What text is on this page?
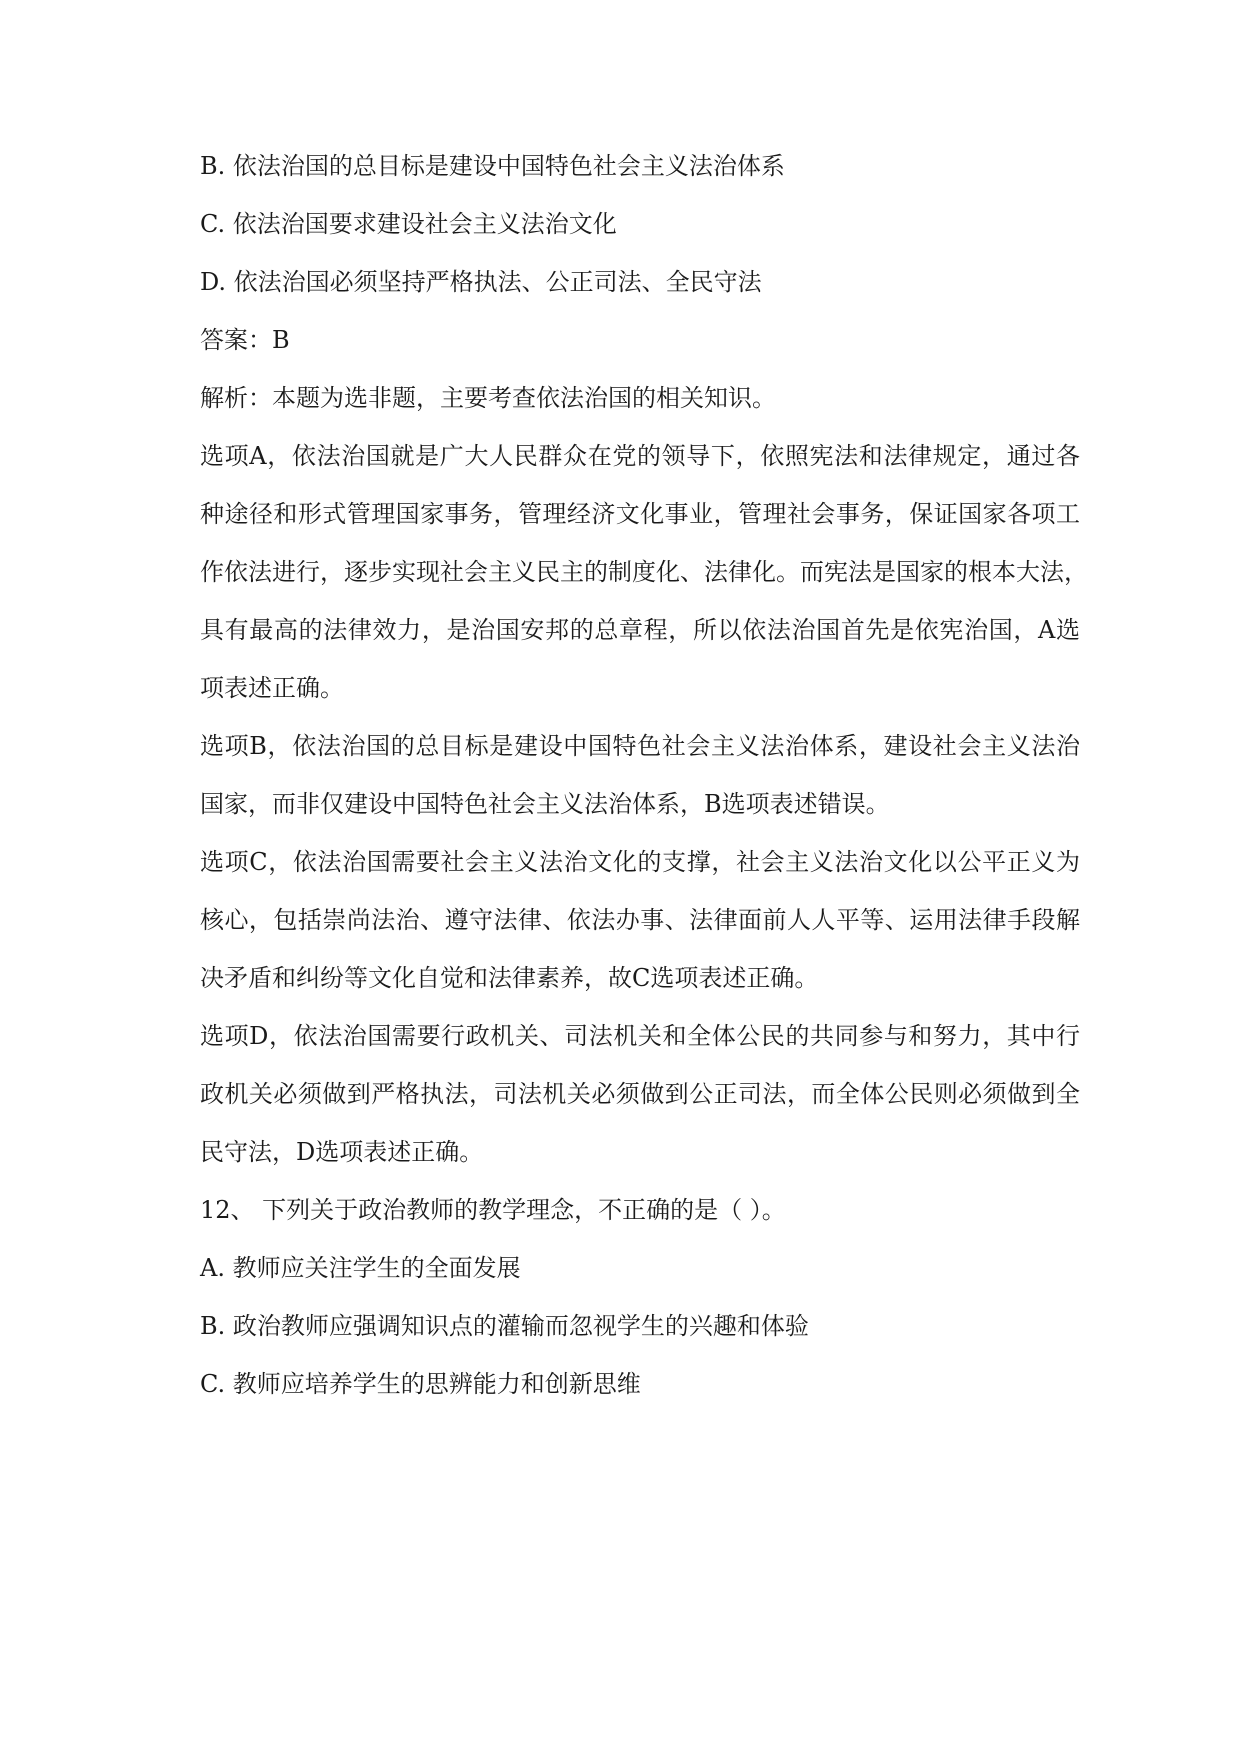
B. 依法治国的总目标是建设中国特色社会主义法治体系
C. 依法治国要求建设社会主义法治文化
D. 依法治国必须坚持严格执法、公正司法、全民守法
答案：B
解析：本题为选非题，主要考查依法治国的相关知识。
选项A，依法治国就是广大人民群众在党的领导下，依照宪法和法律规定，通过各
种途径和形式管理国家事务，管理经济文化事业，管理社会事务，保证国家各项工
作依法进行，逐步实现社会主义民主的制度化、法律化。而宪法是国家的根本大法，
具有最高的法律效力，是治国安邦的总章程，所以依法治国首先是依宪治国，A选
项表述正确。
选项B，依法治国的总目标是建设中国特色社会主义法治体系，建设社会主义法治
国家，而非仅建设中国特色社会主义法治体系，B选项表述错误。
选项C，依法治国需要社会主义法治文化的支撑，社会主义法治文化以公平正义为
核心，包括崇尚法治、遵守法律、依法办事、法律面前人人平等、运用法律手段解
决矛盾和纠纷等文化自觉和法律素养，故C选项表述正确。
选项D，依法治国需要行政机关、司法机关和全体公民的共同参与和努力，其中行
政机关必须做到严格执法，司法机关必须做到公正司法，而全体公民则必须做到全
民守法，D选项表述正确。
12、 下列关于政治教师的教学理念，不正确的是（ ）。
A. 教师应关注学生的全面发展
B. 政治教师应强调知识点的灌输而忽视学生的兴趣和体验
C. 教师应培养学生的思辨能力和创新思维
